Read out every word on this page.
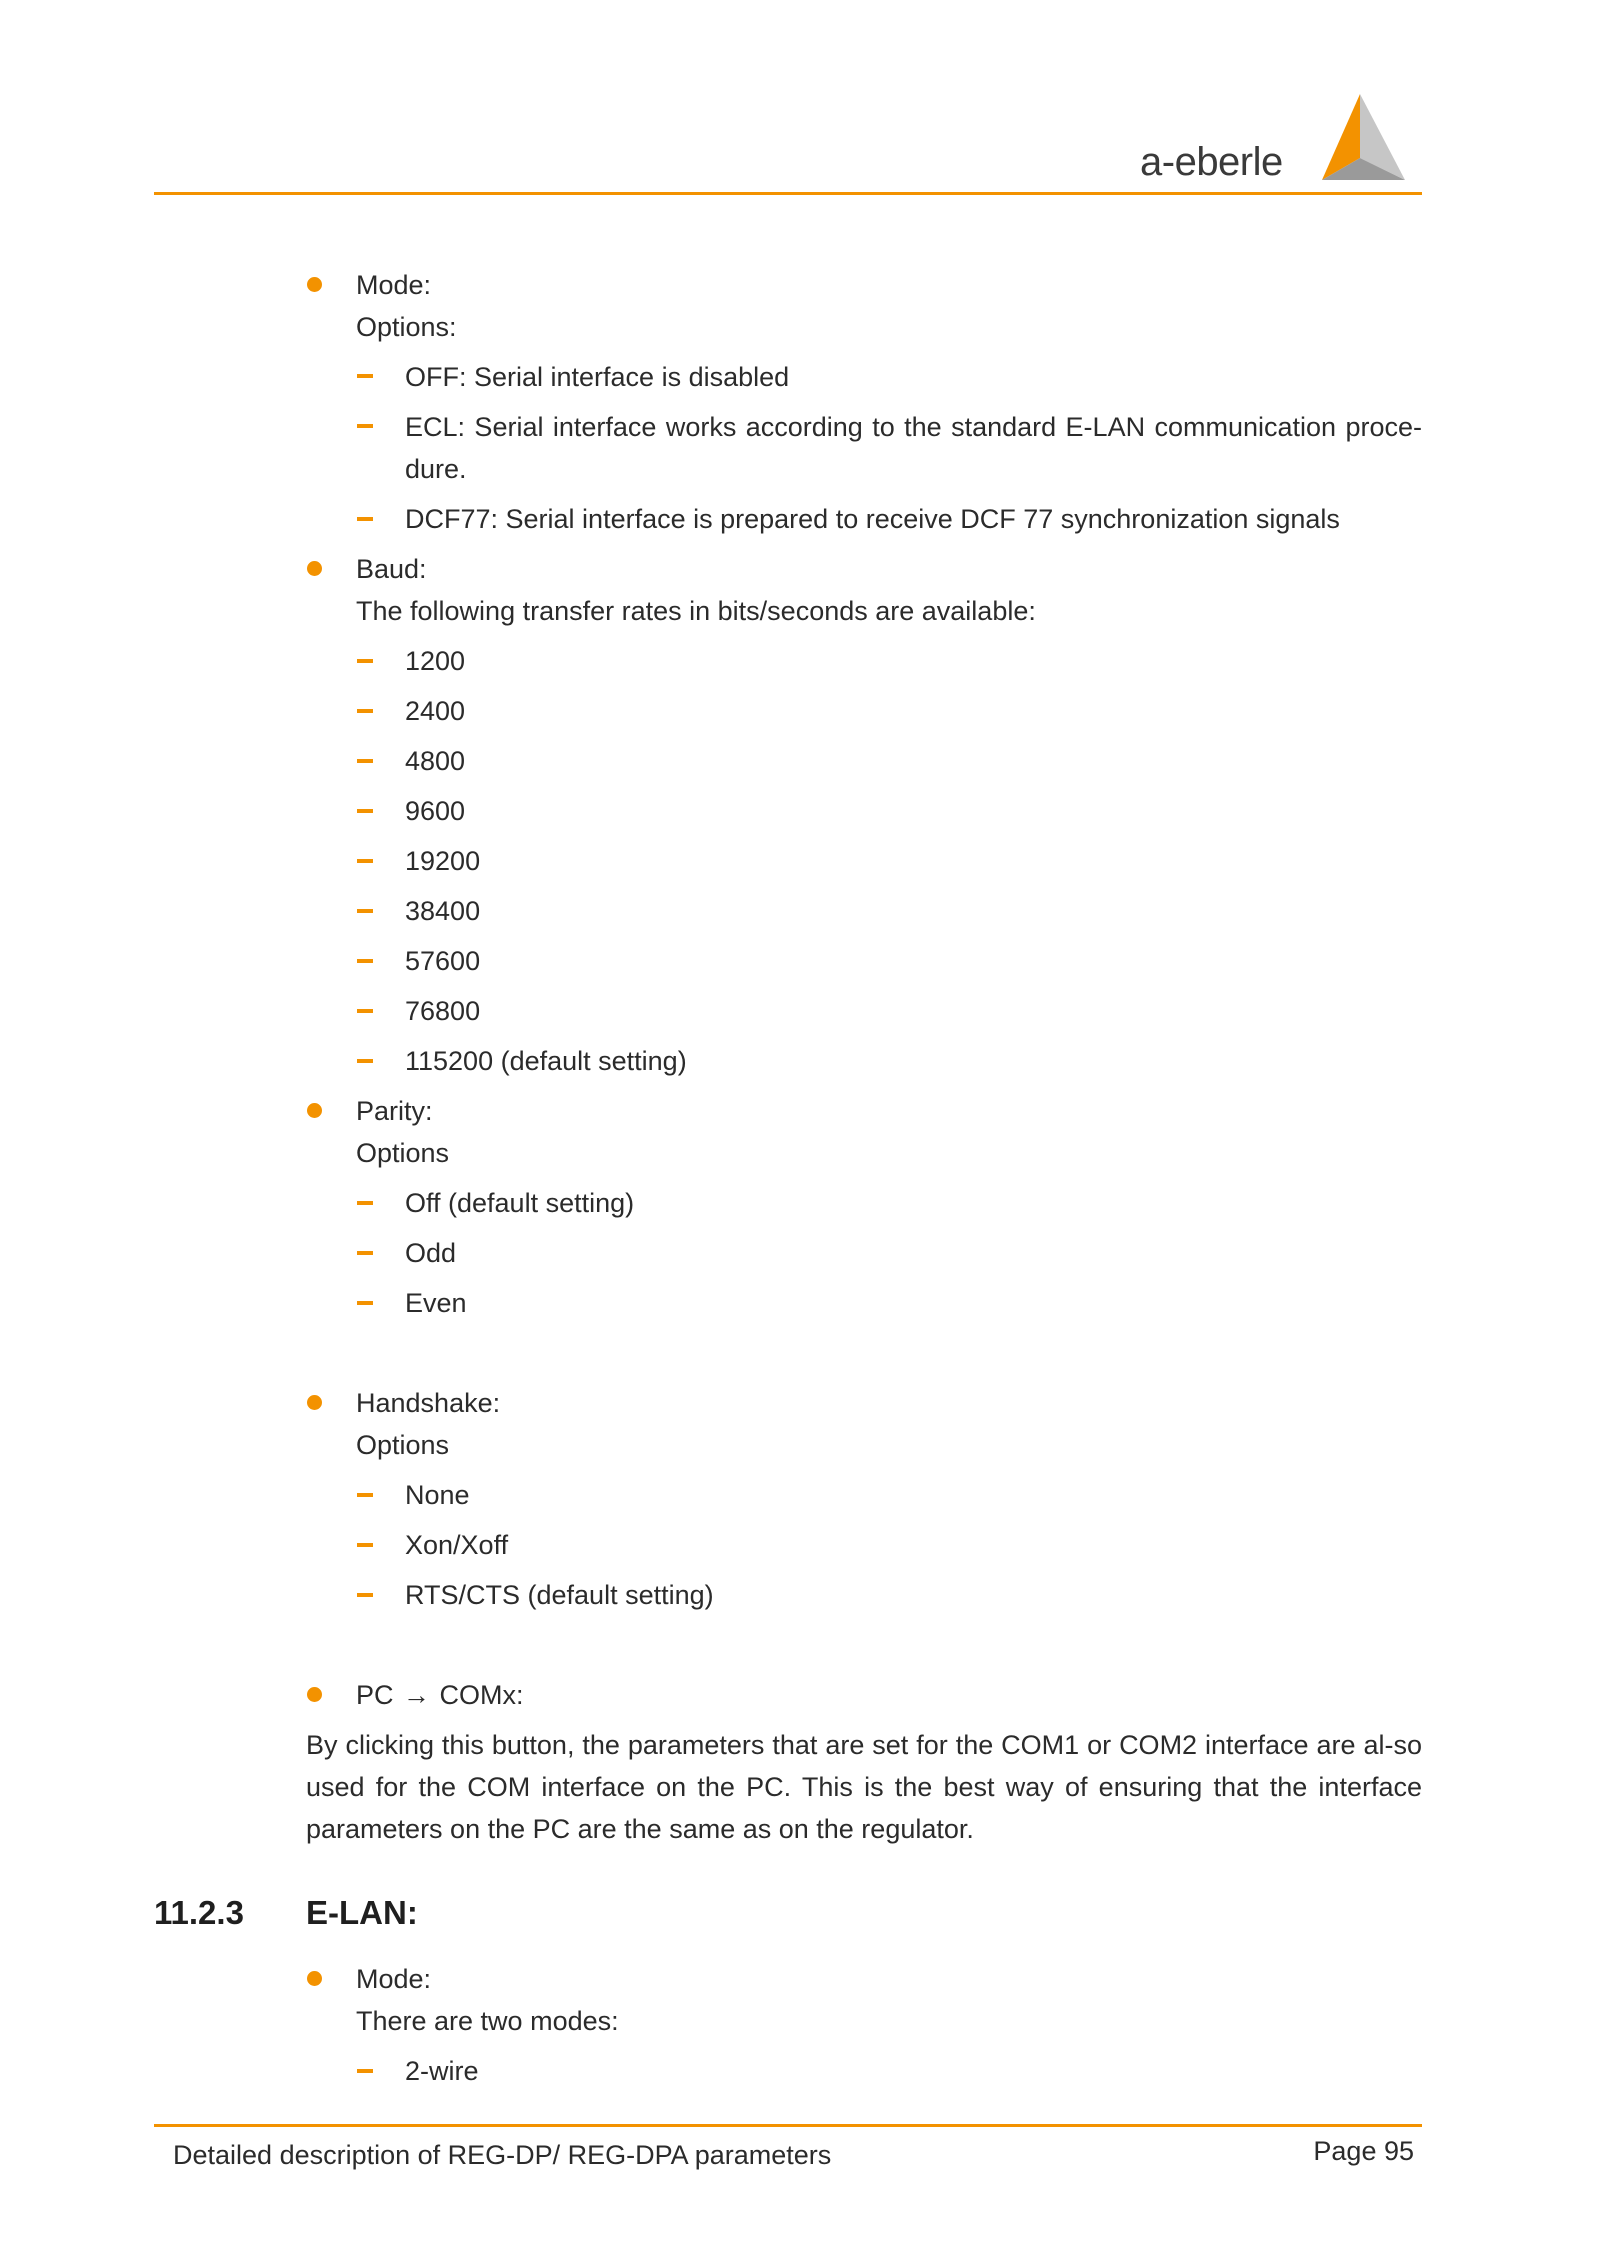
a-eberle
Mode:
Options:
OFF: Serial interface is disabled
ECL: Serial interface works according to the standard E-LAN communication proce-
dure.
DCF77: Serial interface is prepared to receive DCF 77 synchronization signals
Baud:
The following transfer rates in bits/seconds are available:
1200
2400
4800
9600
19200
38400
57600
76800
115200 (default setting)
Parity:
Options
Off (default setting)
Odd
Even
Handshake:
Options
None
Xon/Xoff
RTS/CTS (default setting)
PC → COMx:
By clicking this button, the parameters that are set for the COM1 or COM2 interface are al-so used for the COM interface on the PC. This is the best way of ensuring that the interface parameters on the PC are the same as on the regulator.
11.2.3 E-LAN:
Mode:
There are two modes:
2-wire
Detailed description of REG-DP/ REG-DPA parameters	Page 95
